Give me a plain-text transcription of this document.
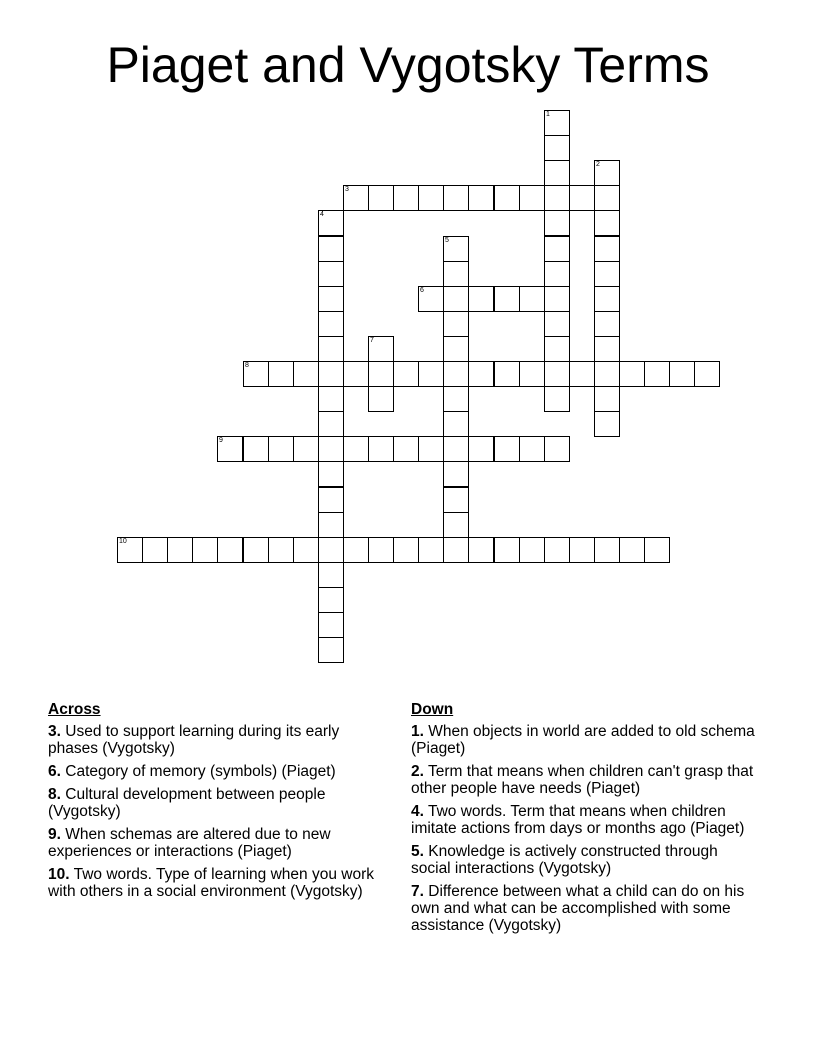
Piaget and Vygotsky Terms
1
2
3
4
5
6
7
8
9
10
Across
3. Used to support learning during its early phases (Vygotsky)
6. Category of memory (symbols) (Piaget)
8. Cultural development between people (Vygotsky)
9. When schemas are altered due to new experiences or interactions (Piaget)
10. Two words. Type of learning when you work with others in a social environment (Vygotsky)
Down
1. When objects in world are added to old schema (Piaget)
2. Term that means when children can't grasp that other people have needs (Piaget)
4. Two words. Term that means when children imitate actions from days or months ago (Piaget)
5. Knowledge is actively constructed through social interactions (Vygotsky)
7. Difference between what a child can do on his own and what can be accomplished with some assistance (Vygotsky)
